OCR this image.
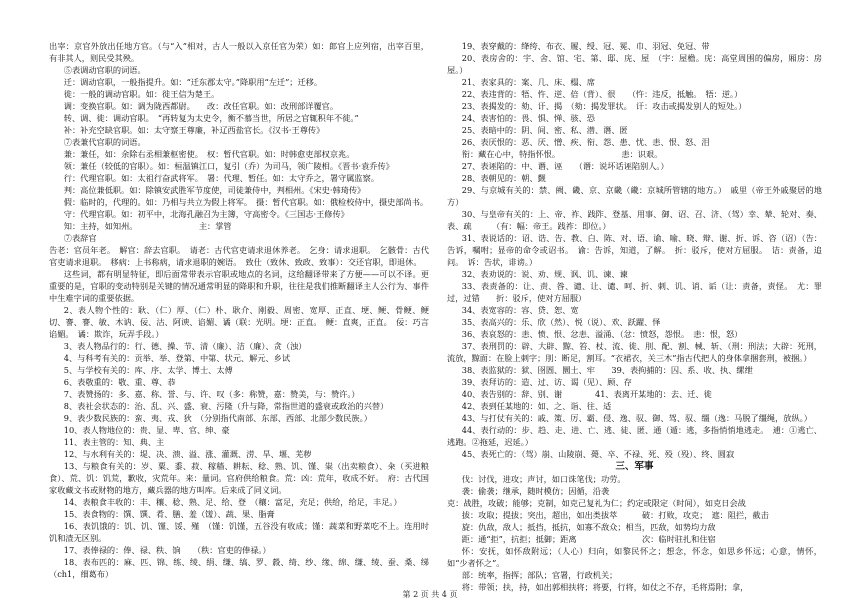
出宰：京官外放出任地方官。（与“入”相对，古人一般以入京任官为荣）如：郎官上应列宿，出宰百里，有非其人，则民受其殃。

⑤表调动官职的词语。

迁：调动官职，一般指提升。如：“迁东郡太守。”降职用“左迁”；迁移。

徙：一般的调动官职。如：徙王信为楚王。

调：变换官职。如：调为陇西都尉。　　改：改任官职。如：改刑部详覆官。

转、调、徙：调动官职。　“再转复为太史令，衡不慕当世，所居之官辄积年不徙。”

补：补充空缺官职。如：太守察王尊廉，补辽西盐官长。《汉书·王尊传》

⑦表兼代官职的词语。

兼：兼任，如：余除右丞相兼枢密使。　权：暂代官职。如：时韩愈吏部权京兆。

领：兼任（较低的官职）。如：桓温镇江口，复引（乔）为司马，领广陵相。《晋书·袁乔传》

行：代理官职。如：太祖行奋武将军。　署：代理、暂任。如：太守乔之，署守属监察。

判：高位兼低职。如：除镇安武胜军节度使，司徒兼侍中，判相州。《宋史·韩琦传》

假：临时的，代理的。如：乃相与共立为假上将军。　摄：暂代官职。如：俄检校侍中，摄史部尚书。

守：代理官职。如：初平中，北海孔融召为主簿，守高密令。《三国志·王修传》

知：主持，如知州。　　　　　　　　主：掌管

⑦表辞官

告老：官员年老。　解官：辞去官职。　请老：古代官吏请求退休养老。　乞身：请求退职。　乞骸骨：古代官吏请求退职。　移病：上书称病，请求退职的婉语。　致仕（致休、致政、致事）：交还官职，即退休。

这些词，都有明显特征，即后面常带表示官职或地点的名词，这给翻译带来了方便——可以不译。更重要的是，官职的变动特别是关键的情况通常明显的降职和升职，往往是我们推断翻译主人公行为、事件中生难字词的重要依据。

2、表人物个性的：耿、（仁）厚、（仁）朴、耿介、刚毅、周密、宽厚、正直、埂、鲠、骨鲠、鲠切、謇、謇、敏、木讷、佞、沽、阿谀、谄媚、谲（联：光明。埂：正直。　鲠：直爽，正直。　佞：巧言谄媚。　谲：欺诈，玩弄手段。）

3、表人物品行的：行、德、操、节、清（廉）、洁（廉）、贪（浊）

4、与科考有关的：贡举、举、登第、中第、状元、解元、乡试

5、与学校有关的：库、序、太学、博士、太傅

6、表敬重的：敬、重、尊、恭

7、表赞扬的：多、嘉、称、誉、与、许、叹（多：称赞，嘉：赞美，与：赞许。）

8、表社会状态的：治、乱、兴、盛、衰、污隆（升与降，常指世道的盛衰或政治的兴替）

9、表少数民族的：蛮、夷、戎、狄　（分别指代南部、东部、西部、北部少数民族。）

10、表人物地位的：贵、显、卑、官、绅、豪

11、表主管的：知、典、主

12、与水利有关的：堤、决、溃、溢、涨、灌溉、涝、旱、堰、芜秽

13、与粮食有关的：岁、粟、黍、菽、稼穑、耕耘、稔、熟、饥、馑、粜（出卖粮食）、籴（买进粮食）、荒、饥：饥荒，歉收，灾荒年。来：量词。官府供给粮食。荒：凶：荒年，收成不好。　府：古代国家收藏文书或财物的地方，藏兵器的地方叫库。后来成了同义词。

14、表粮食丰收的：丰、穰、稔、熟、足、给、登　（穰：富足，充足；供给，给足，丰足。）

15、表食物的：馔、馔、肴、膳、羞（馐）、蔬、果、脂膏

16、表饥饿的：饥、饥、馑、馁、殣　（馑：饥馑，五谷没有收成；馑：蔬菜和野菜吃不上。连用时饥和渣无区别。

17、表俸禄的：俸、禄、秩、饷　　（秩：官吏的俸禄。）

18、表布匹的：麻、匹、锦、练、绫、绢、缣、缟、罗、縠、绮、纱、缘、绵、缣、绫、蚕、桑、绨　（ch1，细葛布）

19、表穿戴的：绛绔、布衣、履、绶、冠、冕、巾、羽冠、免冠、带

20、表房舍的：宇、舍、馆、宅、第、邸、庑、屋　（宇：屋檐。庑：高堂周围的偏房，厢房：房屋。）

21、表家具的：案、几、床、榻、席

22、表违背的：牾、忤、逆、倍（背）、很　　（忤：违反，抵触。　牾：逆。）

23、表揭发的：劾、讦、揭　（劾：揭发罪状。　讦：攻击或揭发别人的短处。）

24、表害怕的：畏、惧、惮、骇、恐

25、表暗中的：阴、间、密、私、潜、谮、匿

26、表厌恨的：恶、厌、憎、疾、衔、怨、患、忧、恚、恨、怒、泪

衔：藏在心中，特指怀恨。　　　　　　　　恚：识艰。

27、表诬陷的：中、谮、诬　　（谮：说坏话诬陷别人。）

28、表朝见的：朝、觐

29、与京城有关的：禁、阙、畿、京、京畿（畿：京城所管辖的地方。）　戚里（帝王外戚聚居的地方）

30、与皇帝有关的：上、帝、祚、践阼、登基、用事、御、诏、召、济、（驾）幸、辇、轮对、奏、表、疏　　　（有：幅：帝王。践祚：即位。）

31、表说话的：诏、诰、告、教、白、陈、对、语、谕、喻、晓、辩、谢、折、诉、咨（诏）（告：告诉，嘱咐；显帝的命令或诏书。　谕：告诉，知道，了解。　折：驳斥，使对方屈服。　诘：责备，追问。　诉：告状，诽谤。）

32、表劝说的：说、劝、规、讽、讥、谏、谏

33、表责备的：让、责、咎、谴、让、谴、呵、折、刺、讥、诮、诟（让：责备，责怪。　尤：罪过，过错　　折：驳斥，使对方屈服）

34、表宽容的：容、贷、恕、宽

35、表高兴的：乐、欣（然）、悦（说）、欢、跃躍、怿

36、表哀怒的：恚、愤、恨、忿恚、溢涌、（忿：愤怒，怨恨。　恚：恨，怒）

37、表刑罚的：辟、大辟、黥、笞、杖、流、徙、刖、配、割、械、斩、（刑：刑法；大辟：死刑，流放，黥面：在脸上刺字；刖：断足，割耳。“衣裙衣，关三木”指古代把人的身体拿捆套刑，被捆。）

38、表监狱的：狱、囹圄、圜土、牢　　39、表拘捕的：囚、系、收、执、缧绁

39、表拜访的：造、过、访、谒（见）、顾、存

40、表告别的：辞、别、谢　　　　41、表离开某地的：去、迁、徙

42、表到任某地的：如、之、诣、往、适

43、与打仗有关的：戚、策、厉、霸、侵、逸、驭、御、驾、驭、缰（逸：马脱了缰绳，放纵。）

44、表行动的：步、趋、走、进、亡、逃、徒、匿、通（遁：逃，多指悄悄地逃走。　逋：①逃亡、逃跑。②拖延，迟延。）

45、表死亡的：（驾）崩、山陵崩、薨、卒、不禄、死、殁（殁）、终、圆寂

三、军事

伐：讨伐，进攻；声讨，如口诛笔伐；功劳。

袭：偷袭；继承，随时模仿；因循，沿袭

克：战胜，攻破；能够；克制，如克己复礼为仁；约定或限定（时间），如克日会战

拔：攻取；提拔；突出，超出，如出类拔萃　　　破：打败，攻克；　遮：阻拦，截击

旋：仇敌，敌人；抵挡，抵抗，如寡不敌众；相当，匹敌，如势均力敌

距：通“拒”，抗拒；抵御；距离　　　　　　　　次：临时驻扎和住宿

怀：安抚，如怀敌附远；（人心）归向，如黎民怀之；想念，怀念，如思乡怀远；心意，情怀，如“少者怀之”。

部：统率，指挥；部队；官署，行政机关；

将：带领；扶，持，如出郭相扶将；将要，行将，如仗之不存，毛将焉附；拿，

第 2 页 共 4 页
